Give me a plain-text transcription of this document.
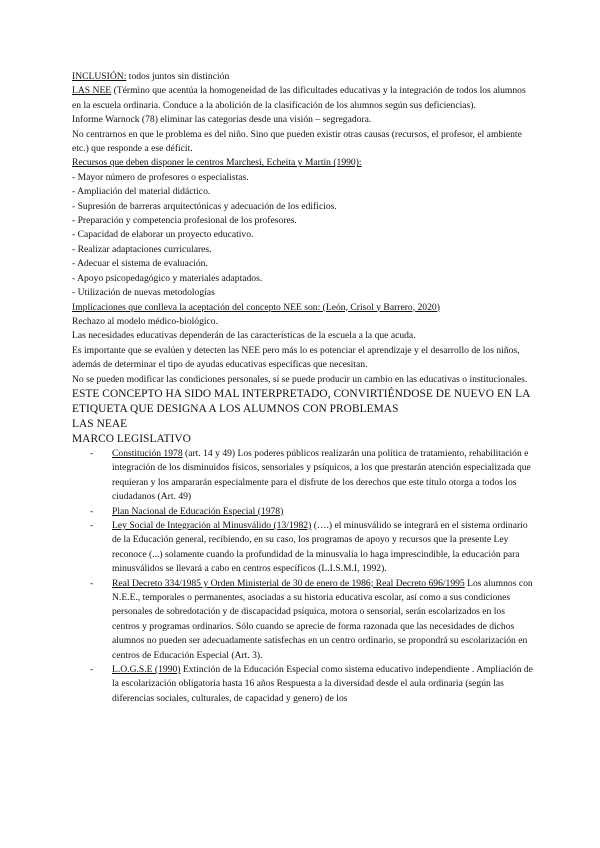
INCLUSIÓN: todos juntos sin distinción

LAS NEE (Término que acentúa la homogeneidad de las dificultades educativas y la integración de todos los alumnos en la escuela ordinaria. Conduce a la abolición de la clasificación de los alumnos según sus deficiencias).

Informe Warnock (78) eliminar las categorías desde una visión – segregadora.

No centrarnos en que le problema es del niño. Sino que pueden existir otras causas (recursos, el profesor, el ambiente etc.) que responde a ese déficit.

Recursos que deben disponer le centros Marchesi, Echeita y Martín (1990):

- Mayor número de profesores o especialistas.

- Ampliación del material didáctico.

- Supresión de barreras arquitectónicas y adecuación de los edificios.

- Preparación y competencia profesional de los profesores.

- Capacidad de elaborar un proyecto educativo.

- Realizar adaptaciones curriculares.

- Adecuar el sistema de evaluación.

- Apoyo psicopedagógico y materiales adaptados.

- Utilización de nuevas metodologías

Implicaciones que conlleva la aceptación del concepto NEE son: (León, Crisol y Barrero, 2020)

Rechazo al modelo médico-biológico.

Las necesidades educativas dependerán de las características de la escuela a la que acuda.

Es importante que se evalúen y detecten las NEE pero más lo es potenciar el aprendizaje y el desarrollo de los niños, además de determinar el tipo de ayudas educativas específicas que necesitan.

No se pueden modificar las condiciones personales, sí se puede producir un cambio en las educativas o institucionales.

ESTE CONCEPTO HA SIDO MAL INTERPRETADO, CONVIRTIÉNDOSE DE NUEVO EN LA ETIQUETA QUE DESIGNA A LOS ALUMNOS CON PROBLEMAS

LAS NEAE

MARCO LEGISLATIVO

- Constitución 1978 (art. 14 y 49) Los poderes públicos realizarán una política de tratamiento, rehabilitación e integración de los disminuidos físicos, sensoriales y psíquicos, a los que prestarán atención especializada que requieran y los ampararán especialmente para el disfrute de los derechos que este título otorga a todos los ciudadanos (Art. 49)
- Plan Nacional de Educación Especial (1978)
- Ley Social de Integración al Minusválido (13/1982) (….) el minusválido se integrará en el sistema ordinario de la Educación general, recibiendo, en su caso, los programas de apoyo y recursos que la presente Ley reconoce (...) solamente cuando la profundidad de la minusvalía lo haga imprescindible, la educación para minusválidos se llevará a cabo en centros específicos (L.I.S.M.I, 1992).
- Real Decreto 334/1985 y Orden Ministerial de 30 de enero de 1986; Real Decreto 696/1995 Los alumnos con N.E.E., temporales o permanentes, asociadas a su historia educativa escolar, así como a sus condiciones personales de sobredotación y de discapacidad psíquica, motora o sensorial, serán escolarizados en los centros y programas ordinarios. Sólo cuando se aprecie de forma razonada que las necesidades de dichos alumnos no pueden ser adecuadamente satisfechas en un centro ordinario, se propondrá su escolarización en centros de Educación Especial (Art. 3).
- L.O.G.S.E (1990) Extinción de la Educación Especial como sistema educativo independiente . Ampliación de la escolarización obligatoria hasta 16 años Respuesta a la diversidad desde el aula ordinaria (según las diferencias sociales, culturales, de capacidad y genero) de los
